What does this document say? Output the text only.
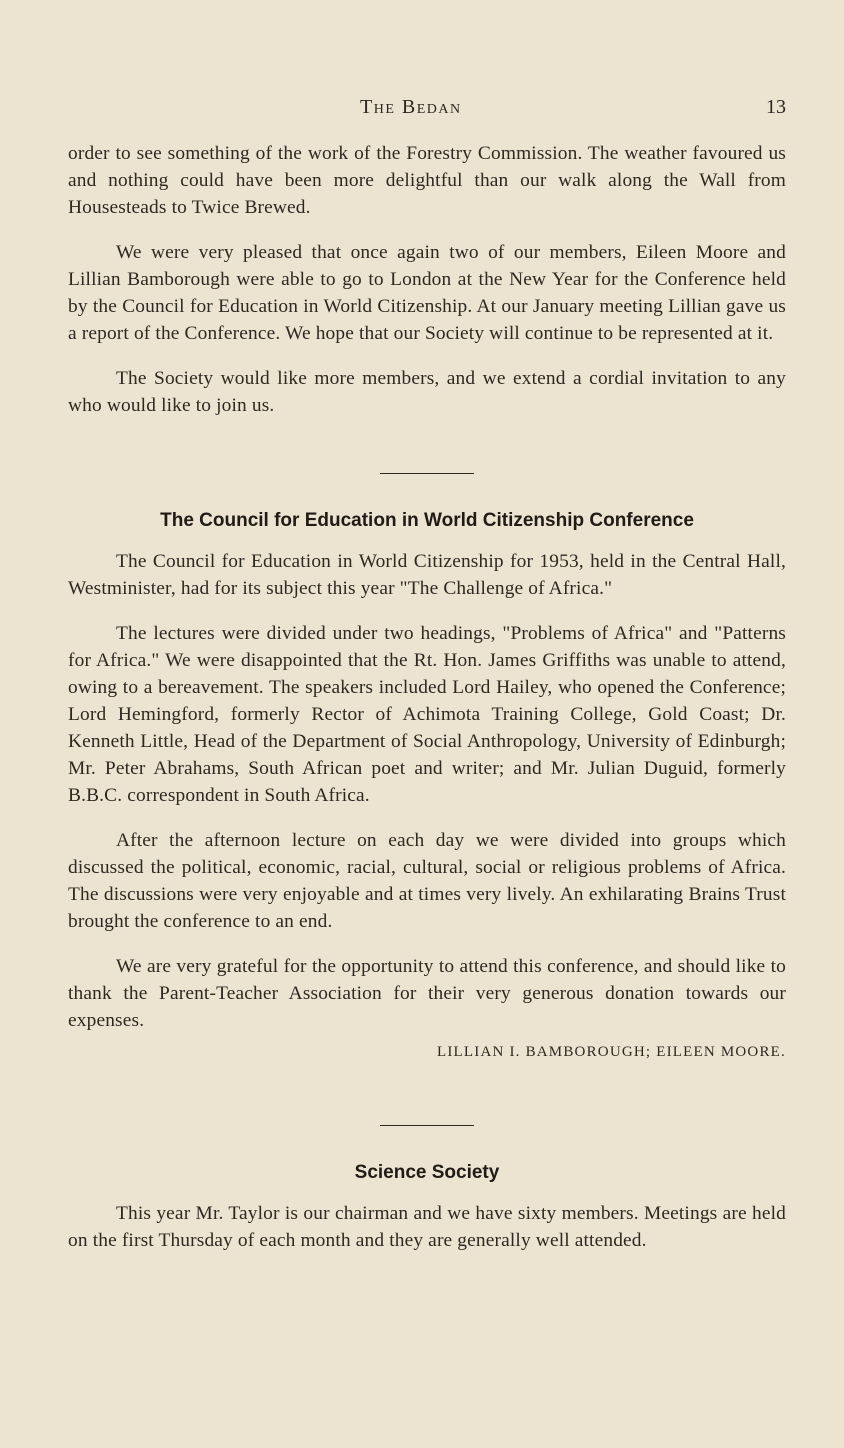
The Bedan	13

order to see something of the work of the Forestry Commission. The weather favoured us and nothing could have been more delightful than our walk along the Wall from Housesteads to Twice Brewed.

We were very pleased that once again two of our members, Eileen Moore and Lillian Bamborough were able to go to London at the New Year for the Conference held by the Council for Education in World Citizenship. At our January meeting Lillian gave us a report of the Conference. We hope that our Society will continue to be represented at it.

The Society would like more members, and we extend a cordial invitation to any who would like to join us.

The Council for Education in World Citizenship Conference

The Council for Education in World Citizenship for 1953, held in the Central Hall, Westminister, had for its subject this year "The Challenge of Africa."

The lectures were divided under two headings, "Problems of Africa" and "Patterns for Africa." We were disappointed that the Rt. Hon. James Griffiths was unable to attend, owing to a bereavement. The speakers included Lord Hailey, who opened the Conference; Lord Hemingford, formerly Rector of Achimota Training College, Gold Coast; Dr. Kenneth Little, Head of the Department of Social Anthropology, University of Edinburgh; Mr. Peter Abrahams, South African poet and writer; and Mr. Julian Duguid, formerly B.B.C. correspondent in South Africa.

After the afternoon lecture on each day we were divided into groups which discussed the political, economic, racial, cultural, social or religious problems of Africa. The discussions were very enjoyable and at times very lively. An exhilarating Brains Trust brought the conference to an end.

We are very grateful for the opportunity to attend this conference, and should like to thank the Parent-Teacher Association for their very generous donation towards our expenses.

LILLIAN I. BAMBOROUGH; EILEEN MOORE.

Science Society

This year Mr. Taylor is our chairman and we have sixty members. Meetings are held on the first Thursday of each month and they are generally well attended.
